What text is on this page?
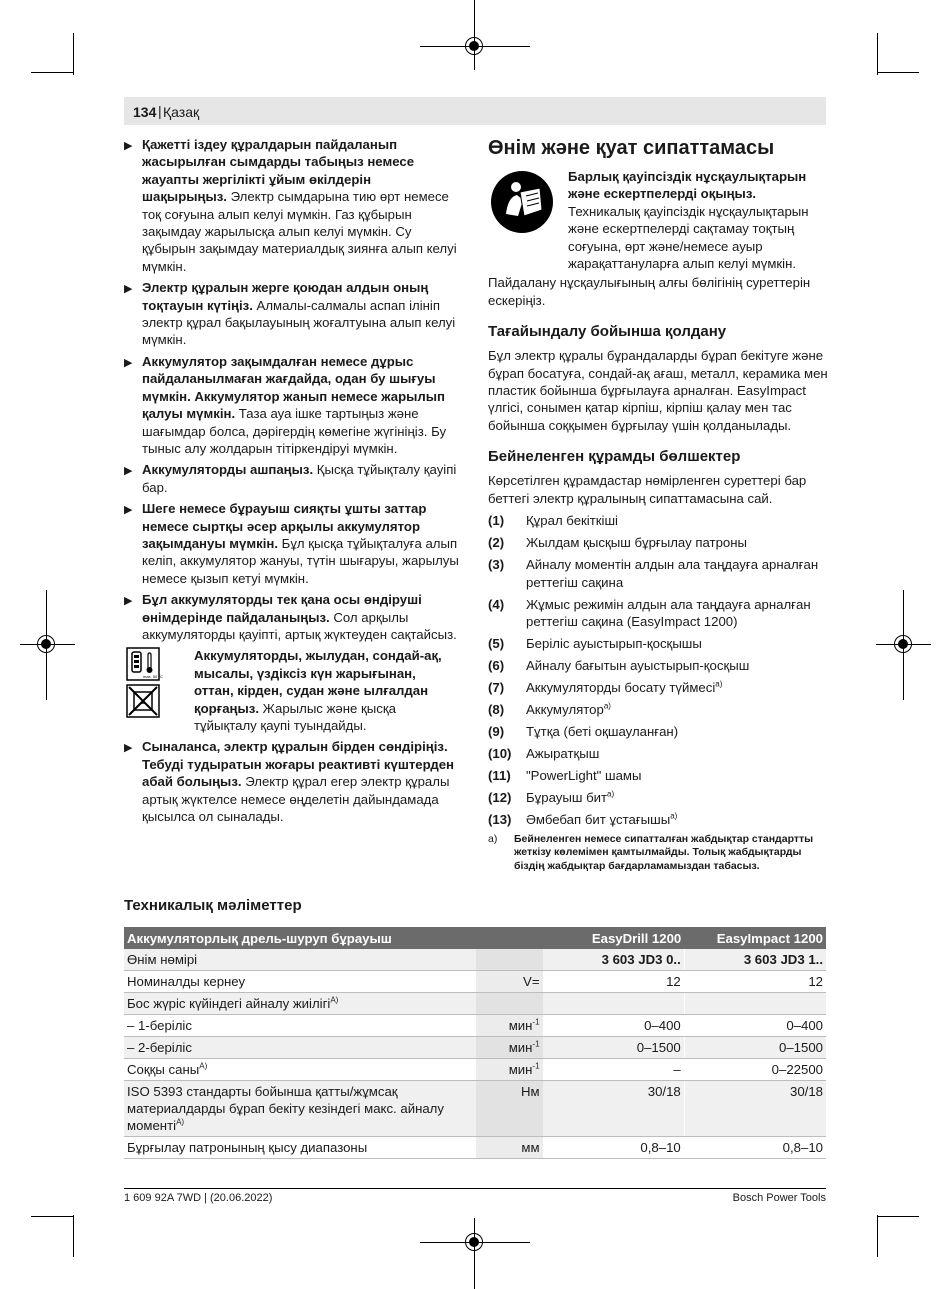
134 | Қазақ
▶ Қажетті іздеу құралдарын пайдаланып жасырылған сымдарды табыңыз немесе жауапты жергілікті ұйым өкілдерін шақырыңыз. Электр сымдарына тию өрт немесе тоқ соғуына алып келуі мүмкін. Газ құбырын зақымдау жарылысқа алып келуі мүмкін. Су құбырын зақымдау материалдық зиянға алып келуі мүмкін.
▶ Электр құралын жерге қоюдан алдын оның тоқтауын күтіңіз. Алмалы-салмалы аспап ілініп электр құрал бақылауының жоғалтуына алып келуі мүмкін.
▶ Аккумулятор зақымдалған немесе дұрыс пайдаланылмаған жағдайда, одан бу шығуы мүмкін. Аккумулятор жанып немесе жарылып қалуы мүмкін. Таза ауа ішке тартыңыз және шағымдар болса, дәрігердің көмегіне жүгініңіз. Бу тыныс алу жолдарын тітіркендіруі мүмкін.
▶ Аккумуляторды ашпаңыз. Қысқа тұйықталу қауіпі бар.
▶ Шеге немесе бұрауыш сияқты ұшты заттар немесе сыртқы әсер арқылы аккумулятор зақымдануы мүмкін. Бұл қысқа тұйықталуға алып келіп, аккумулятор жануы, түтін шығаруы, жарылуы немесе қызып кетуі мүмкін.
▶ Бұл аккумуляторды тек қана осы өндіруші өнімдерінде пайдаланыңыз. Сол арқылы аккумуляторды қауіпті, артық жүктеуден сақтайсыз.
max. 50 °C
Аккумуляторды, жылудан, сондай-ақ, мысалы, үздіксіз күн жарығынан, оттан, кірден, судан және ылғалдан қорғаңыз. Жарылыс және қысқа тұйықталу қаупі туындайды.
▶ Сыналанса, электр құралын бірден сөндіріңіз. Тебуді тудыратын жоғары реактивті күштерден абай болыңыз. Электр құрал егер электр құралы артық жүктелсе немесе өңделетін дайындамада қысылса ол сыналады.
Өнім және қуат сипаттамасы
Барлық қауіпсіздік нұсқаулықтарын және ескертпелерді оқыңыз. Техникалық қауіпсіздік нұсқаулықтарын және ескертпелерді сақтамау тоқтың соғуына, өрт және/немесе ауыр жарақаттануларға алып келуі мүмкін.

Пайдалану нұсқаулығының алғы бөлігінің суреттерін ескеріңіз.

Тағайындалу бойынша қолдану

Бұл электр құралы бұрандаларды бұрап бекітуге және бұрап босатуға, сондай-ақ ағаш, металл, керамика мен пластик бойынша бұрғылауға арналған. EasyImpact үлгісі, сонымен қатар кірпіш, кірпіш қалау мен тас бойынша соққымен бұрғылау үшін қолданылады.

Бейнеленген құрамды бөлшектер

Көрсетілген құрамдастар нөмірленген суреттері бар беттегі электр құралының сипаттамасына сай.

(1)	Құрал бекіткіші
(2)	Жылдам қысқыш бұрғылау патроны
(3)	Айналу моментін алдын ала таңдауға арналған реттегіш сақина
(4)	Жұмыс режимін алдын ала таңдауға арналған реттегіш сақина (EasyImpact 1200)
(5)	Беріліс ауыстырып-қосқышы
(6)	Айналу бағытын ауыстырып-қосқыш
(7)	Аккумуляторды босату түймесі$^{a)}$
(8)	Аккумулятор$^{a)}$
(9)	Тұтқа (беті оқшауланған)
(10)	Ажыратқыш
(11)	"PowerLight" шамы
(12)	Бұрауыш бит$^{a)}$
(13)	Әмбебап бит ұстағышы$^{a)}$
a)	Бейнеленген немесе сипатталған жабдықтар стандартты жеткізу көлемімен қамтылмайды. Толық жабдықтарды біздің жабдықтар бағдарламамыздан табасыз.
Техникалық мәліметтер
Аккумуляторлық дрель-шуруп бұрауыш		EasyDrill 1200	EasyImpact 1200
Өнім нөмірі		3 603 JD3 0..	3 603 JD3 1..
Номиналды кернеу	V=	12	12
Бос жүріс күйіндегі айналу жиілігі$^{A)}$			
– 1-беріліс	мин$^{-1}$	0–400	0–400
– 2-беріліс	мин$^{-1}$	0–1500	0–1500
Соққы саны$^{A)}$	мин$^{-1}$	–	0–22500
ISO 5393 стандарты бойынша қатты/жұмсақ материалдарды бұрап бекіту кезіндегі макс. айналу моменті$^{A)}$	Нм	30/18	30/18
Бұрғылау патронының қысу диапазоны	мм	0,8–10	0,8–10
1 609 92A 7WD | (20.06.2022)	Bosch Power Tools
